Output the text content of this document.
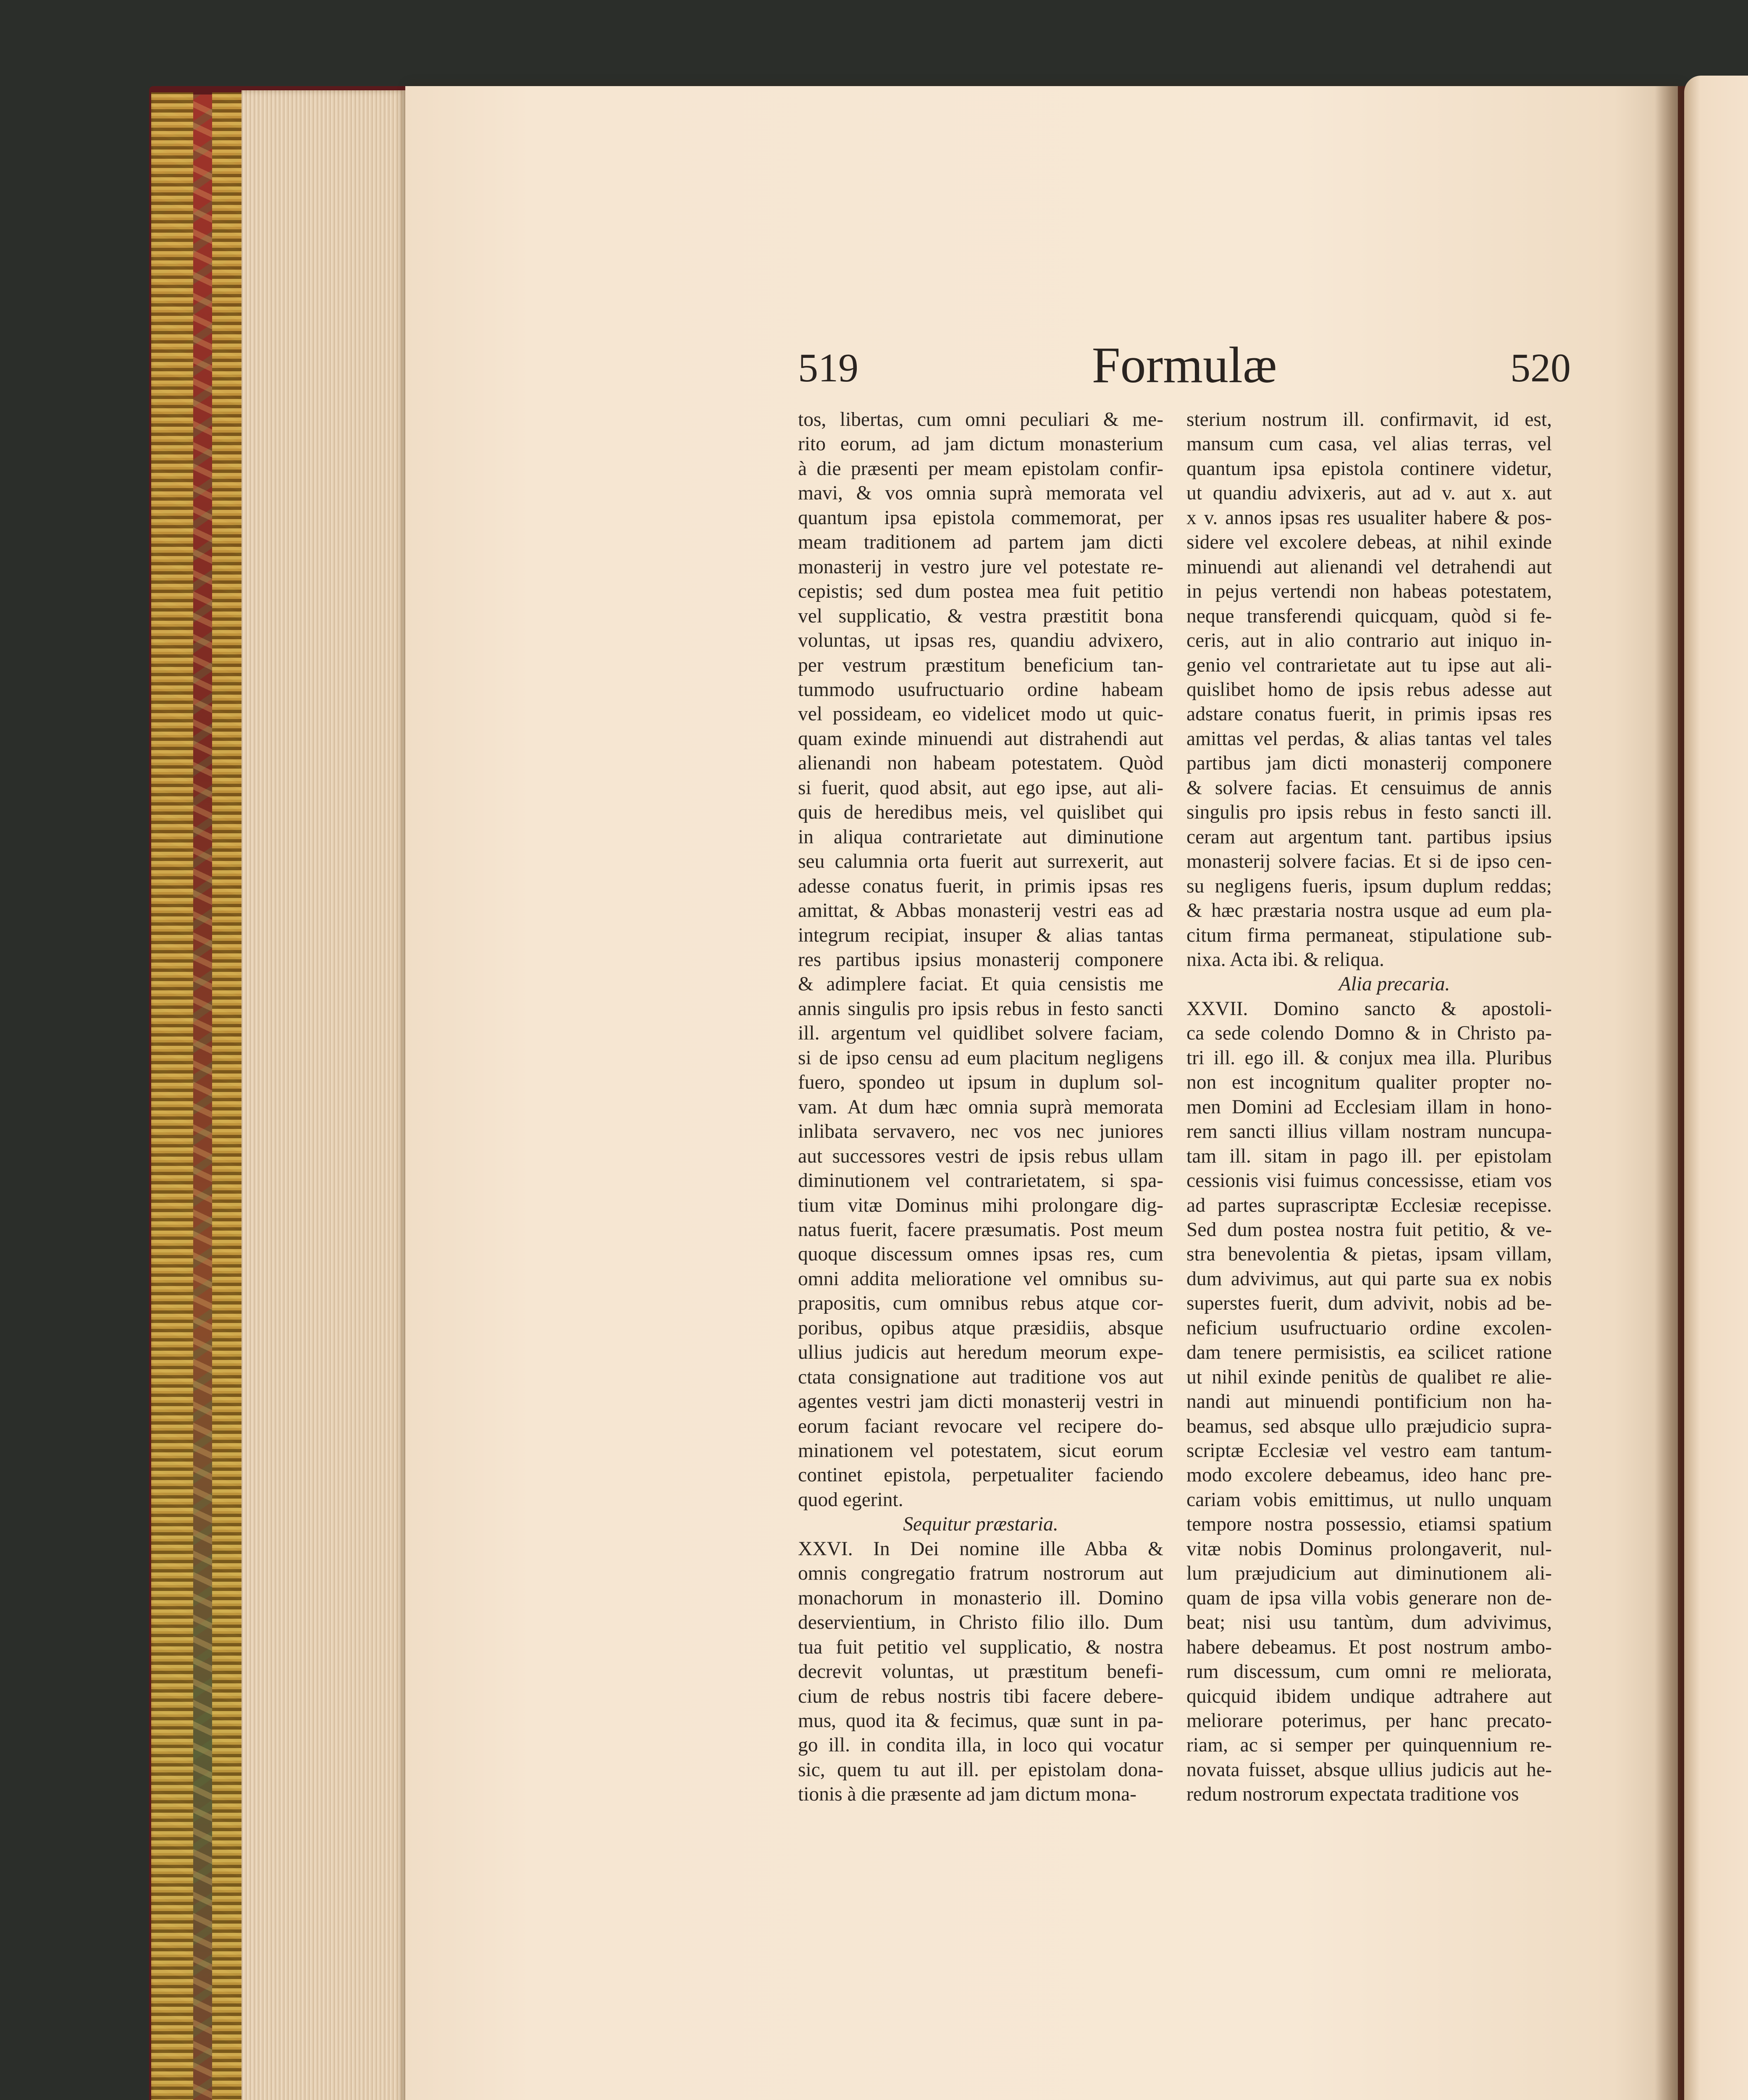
Formulæ
519	520
tos, libertas, cum omni peculiari & me-
rito eorum, ad jam dictum monasterium
à die præsenti per meam epistolam confir-
mavi, & vos omnia suprà memorata vel
quantum ipsa epistola commemorat, per
meam traditionem ad partem jam dicti
monasterij in vestro jure vel potestate re-
cepistis; sed dum postea mea fuit petitio
vel supplicatio, & vestra præstitit bona
voluntas, ut ipsas res, quandiu advixero,
per vestrum præstitum beneficium tan-
tummodo usufructuario ordine habeam
vel possideam, eo videlicet modo ut quic-
quam exinde minuendi aut distrahendi aut
alienandi non habeam potestatem. Quòd
si fuerit, quod absit, aut ego ipse, aut ali-
quis de heredibus meis, vel quislibet qui
in aliqua contrarietate aut diminutione
seu calumnia orta fuerit aut surrexerit, aut
adesse conatus fuerit, in primis ipsas res
amittat, & Abbas monasterij vestri eas ad
integrum recipiat, insuper & alias tantas
res partibus ipsius monasterij componere
& adimplere faciat. Et quia censistis me
annis singulis pro ipsis rebus in festo sancti
ill. argentum vel quidlibet solvere faciam,
si de ipso censu ad eum placitum negligens
fuero, spondeo ut ipsum in duplum sol-
vam. At dum hæc omnia suprà memorata
inlibata servavero, nec vos nec juniores
aut successores vestri de ipsis rebus ullam
diminutionem vel contrarietatem, si spa-
tium vitæ Dominus mihi prolongare dig-
natus fuerit, facere præsumatis. Post meum
quoque discessum omnes ipsas res, cum
omni addita melioratione vel omnibus su-
prapositis, cum omnibus rebus atque cor-
poribus, opibus atque præsidiis, absque
ullius judicis aut heredum meorum expe-
ctata consignatione aut traditione vos aut
agentes vestri jam dicti monasterij vestri in
eorum faciant revocare vel recipere do-
minationem vel potestatem, sicut eorum
continet epistola, perpetualiter faciendo
quod egerint.
Sequitur præstaria.
XXVI. In Dei nomine ille Abba &
omnis congregatio fratrum nostrorum aut
monachorum in monasterio ill. Domino
deservientium, in Christo filio illo. Dum
tua fuit petitio vel supplicatio, & nostra
decrevit voluntas, ut præstitum benefi-
cium de rebus nostris tibi facere debere-
mus, quod ita & fecimus, quæ sunt in pa-
go ill. in condita illa, in loco qui vocatur
sic, quem tu aut ill. per epistolam dona-
tionis à die præsente ad jam dictum mona-
sterium nostrum ill. confirmavit, id est,
mansum cum casa, vel alias terras, vel
quantum ipsa epistola continere videtur,
ut quandiu advixeris, aut ad v. aut x. aut
x v. annos ipsas res usualiter habere & pos-
sidere vel excolere debeas, at nihil exinde
minuendi aut alienandi vel detrahendi aut
in pejus vertendi non habeas potestatem,
neque transferendi quicquam, quòd si fe-
ceris, aut in alio contrario aut iniquo in-
genio vel contrarietate aut tu ipse aut ali-
quislibet homo de ipsis rebus adesse aut
adstare conatus fuerit, in primis ipsas res
amittas vel perdas, & alias tantas vel tales
partibus jam dicti monasterij componere
& solvere facias. Et censuimus de annis
singulis pro ipsis rebus in festo sancti ill.
ceram aut argentum tant. partibus ipsius
monasterij solvere facias. Et si de ipso cen-
su negligens fueris, ipsum duplum reddas;
& hæc præstaria nostra usque ad eum pla-
citum firma permaneat, stipulatione sub-
nixa. Acta ibi. & reliqua.
Alia precaria.
XXVII. Domino sancto & apostoli-
ca sede colendo Domno & in Christo pa-
tri ill. ego ill. & conjux mea illa. Pluribus
non est incognitum qualiter propter no-
men Domini ad Ecclesiam illam in hono-
rem sancti illius villam nostram nuncupa-
tam ill. sitam in pago ill. per epistolam
cessionis visi fuimus concessisse, etiam vos
ad partes suprascriptæ Ecclesiæ recepisse.
Sed dum postea nostra fuit petitio, & ve-
stra benevolentia & pietas, ipsam villam,
dum advivimus, aut qui parte sua ex nobis
superstes fuerit, dum advivit, nobis ad be-
neficium usufructuario ordine excolen-
dam tenere permisistis, ea scilicet ratione
ut nihil exinde penitùs de qualibet re alie-
nandi aut minuendi pontificium non ha-
beamus, sed absque ullo præjudicio supra-
scriptæ Ecclesiæ vel vestro eam tantum-
modo excolere debeamus, ideo hanc pre-
cariam vobis emittimus, ut nullo unquam
tempore nostra possessio, etiamsi spatium
vitæ nobis Dominus prolongaverit, nul-
lum præjudicium aut diminutionem ali-
quam de ipsa villa vobis generare non de-
beat; nisi usu tantùm, dum advivimus,
habere debeamus. Et post nostrum ambo-
rum discessum, cum omni re meliorata,
quicquid ibidem undique adtrahere aut
meliorare poterimus, per hanc precato-
riam, ac si semper per quinquennium re-
novata fuisset, absque ullius judicis aut he-
redum nostrorum expectata traditione vos
